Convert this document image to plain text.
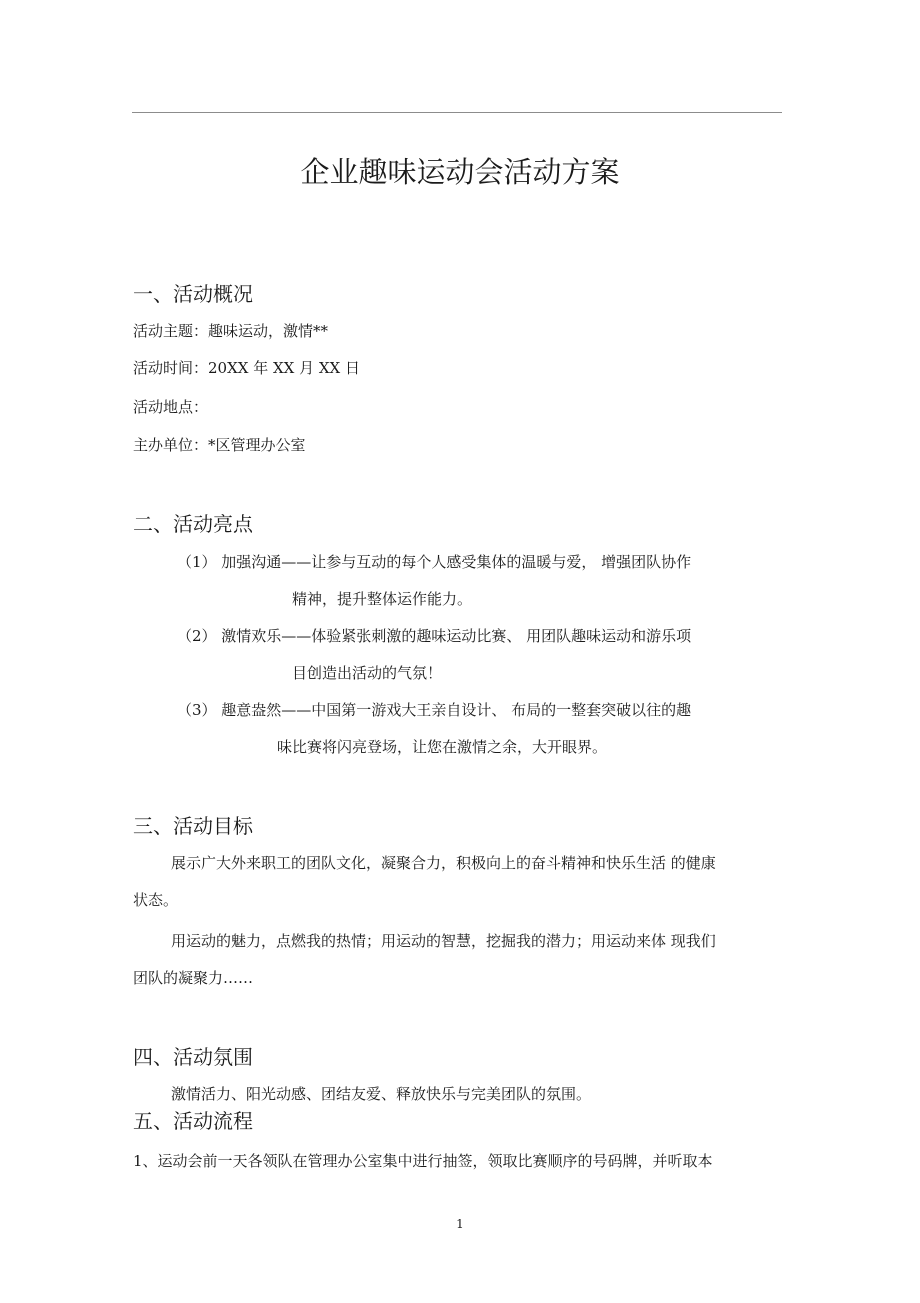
企业趣味运动会活动方案
一、活动概况
活动主题：趣味运动，激情**
活动时间：20XX 年 XX 月 XX 日
活动地点：
主办单位：*区管理办公室
二、活动亮点
（1） 加强沟通——让参与互动的每个人感受集体的温暖与爱， 增强团队协作
精神，提升整体运作能力。
（2） 激情欢乐——体验紧张刺激的趣味运动比赛、 用团队趣味运动和游乐项
目创造出活动的气氛！
（3） 趣意盎然——中国第一游戏大王亲自设计、 布局的一整套突破以往的趣
味比赛将闪亮登场，让您在激情之余，大开眼界。
三、活动目标
展示广大外来职工的团队文化，凝聚合力，积极向上的奋斗精神和快乐生活 的健康
状态。
用运动的魅力，点燃我的热情；用运动的智慧，挖掘我的潜力；用运动来体 现我们
团队的凝聚力……
四、活动氛围
激情活力、阳光动感、团结友爱、释放快乐与完美团队的氛围。
五、活动流程
1、运动会前一天各领队在管理办公室集中进行抽签，领取比赛顺序的号码牌，并听取本
1
